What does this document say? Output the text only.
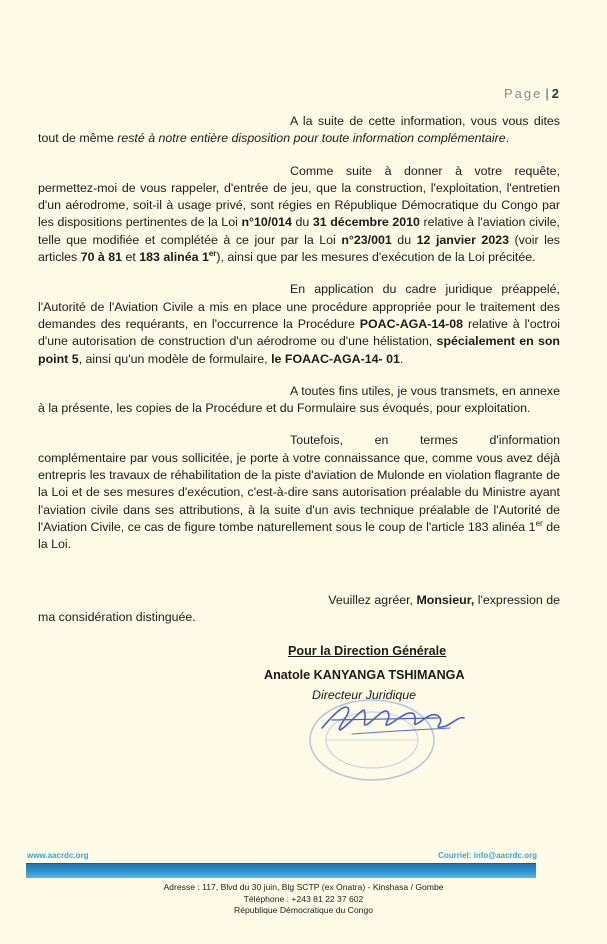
Page | 2

A la suite de cette information, vous vous dites tout de même resté à notre entière disposition pour toute information complémentaire.

Comme suite à donner à votre requête, permettez-moi de vous rappeler, d'entrée de jeu, que la construction, l'exploitation, l'entretien d'un aérodrome, soit-il à usage privé, sont régies en République Démocratique du Congo par les dispositions pertinentes de la Loi n°10/014 du 31 décembre 2010 relative à l'aviation civile, telle que modifiée et complétée à ce jour par la Loi n°23/001 du 12 janvier 2023 (voir les articles 70 à 81 et 183 alinéa 1er), ainsi que par les mesures d'exécution de la Loi précitée.

En application du cadre juridique préappelé, l'Autorité de l'Aviation Civile a mis en place une procédure appropriée pour le traitement des demandes des requérants, en l'occurrence la Procédure POAC-AGA-14-08 relative à l'octroi d'une autorisation de construction d'un aérodrome ou d'une hélistation, spécialement en son point 5, ainsi qu'un modèle de formulaire, le FOAAC-AGA-14- 01.

A toutes fins utiles, je vous transmets, en annexe à la présente, les copies de la Procédure et du Formulaire sus évoqués, pour exploitation.

Toutefois, en termes d'information complémentaire par vous sollicitée, je porte à votre connaissance que, comme vous avez déjà entrepris les travaux de réhabilitation de la piste d'aviation de Mulonde en violation flagrante de la Loi et de ses mesures d'exécution, c'est-à-dire sans autorisation préalable du Ministre ayant l'aviation civile dans ses attributions, à la suite d'un avis technique préalable de l'Autorité de l'Aviation Civile, ce cas de figure tombe naturellement sous le coup de l'article 183 alinéa 1er de la Loi.

Veuillez agréer, Monsieur, l'expression de
ma considération distinguée.
Pour la Direction Générale
Anatole KANYANGA TSHIMANGA
Directeur Juridique
www.aacrdc.org	Courriel: info@aacrdc.org
Adresse : 117, Blvd du 30 juin, Blg SCTP (ex Onatra) - Kinshasa / Gombe
Téléphone : +243 81 22 37 602
République Démocratique du Congo
